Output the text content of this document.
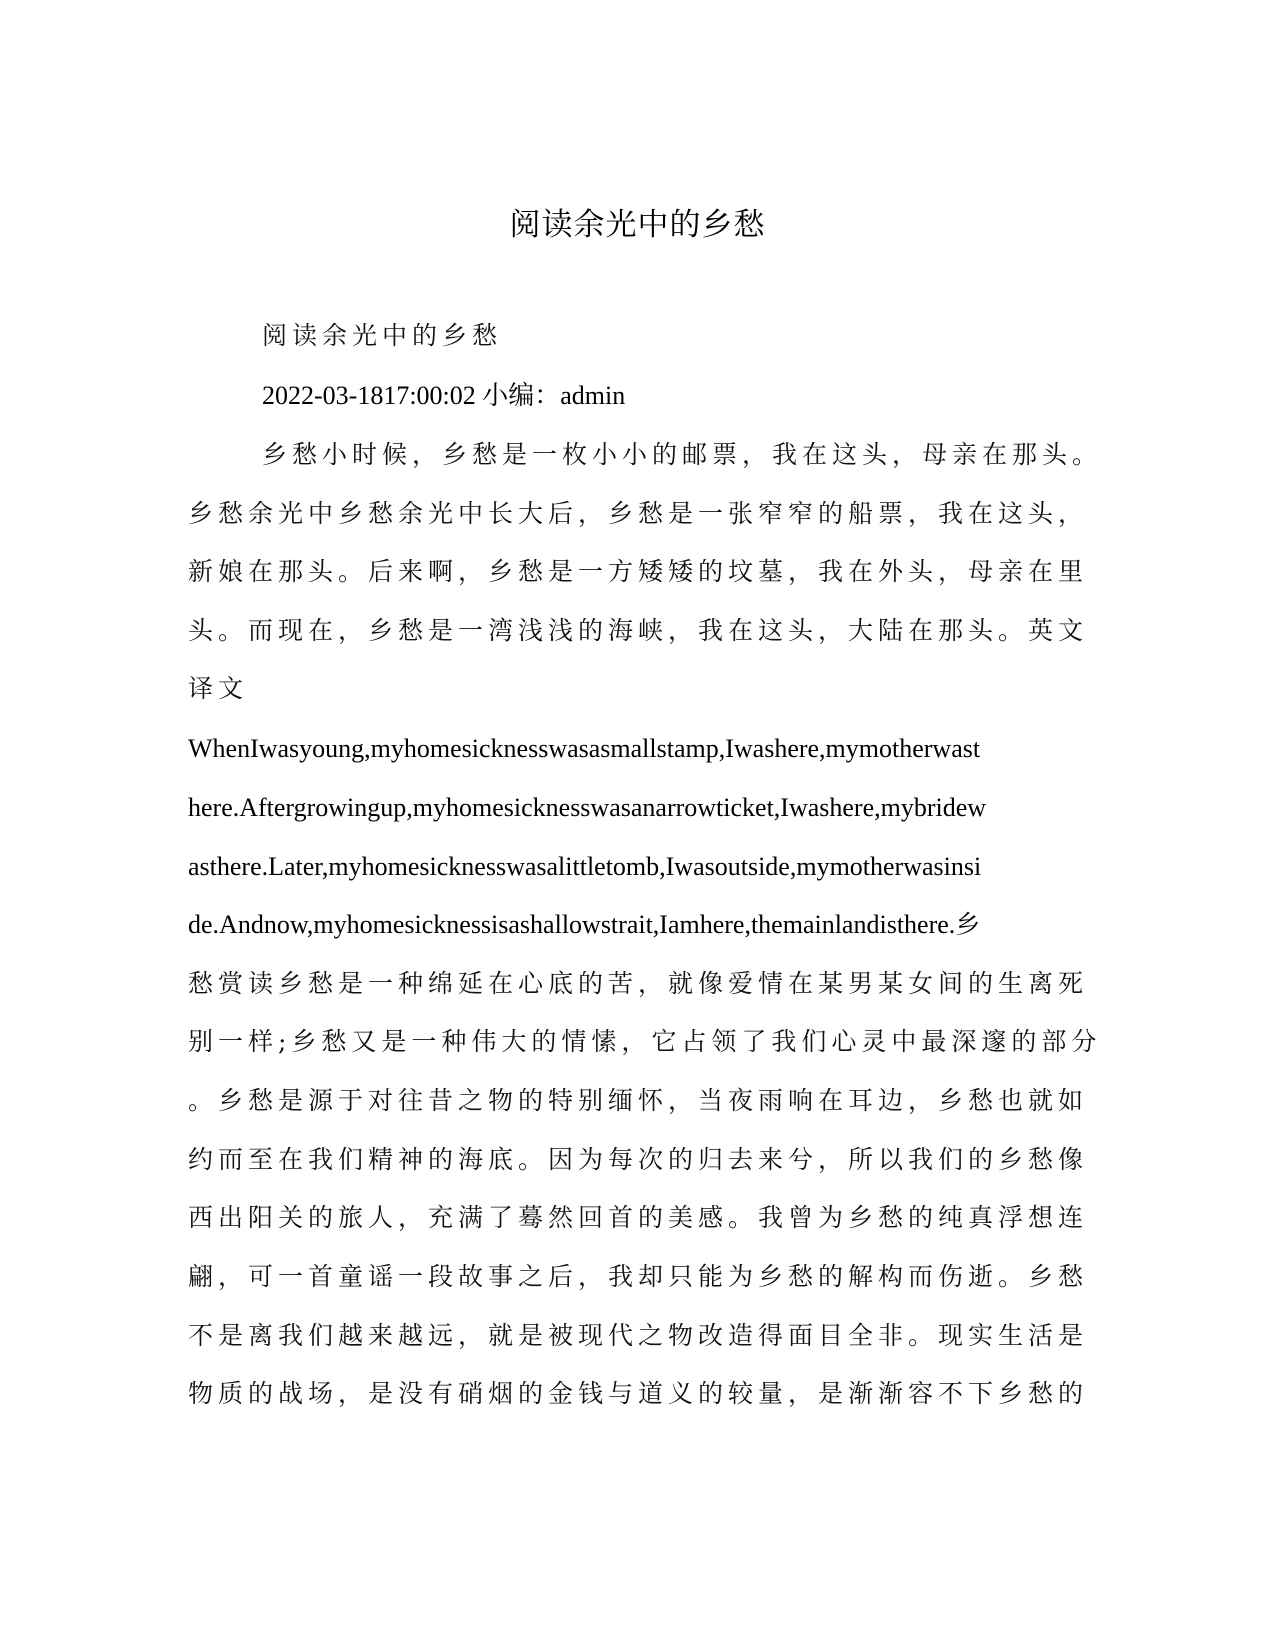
阅读余光中的乡愁
阅读余光中的乡愁
2022-03-1817:00:02 小编：admin
乡愁小时候，乡愁是一枚小小的邮票，我在这头，母亲在那头。
乡愁余光中乡愁余光中长大后，乡愁是一张窄窄的船票，我在这头，
新娘在那头。后来啊，乡愁是一方矮矮的坟墓，我在外头，母亲在里
头。而现在，乡愁是一湾浅浅的海峡，我在这头，大陆在那头。英文
译文
WhenIwasyoung,myhomesicknesswasasmallstamp,Iwashere,mymotherwast
here.Aftergrowingup,myhomesicknesswasanarrowticket,Iwashere,mybridew
asthere.Later,myhomesicknesswasalittletomb,Iwasoutside,mymotherwasinsi
de.Andnow,myhomesicknessisashallowstrait,Iamhere,themainlandisthere.乡
愁赏读乡愁是一种绵延在心底的苦，就像爱情在某男某女间的生离死
别一样;乡愁又是一种伟大的情愫，它占领了我们心灵中最深邃的部分
。乡愁是源于对往昔之物的特别缅怀，当夜雨响在耳边，乡愁也就如
约而至在我们精神的海底。因为每次的归去来兮，所以我们的乡愁像
西出阳关的旅人，充满了蓦然回首的美感。我曾为乡愁的纯真浮想连
翩，可一首童谣一段故事之后，我却只能为乡愁的解构而伤逝。乡愁
不是离我们越来越远，就是被现代之物改造得面目全非。现实生活是
物质的战场，是没有硝烟的金钱与道义的较量，是渐渐容不下乡愁的
